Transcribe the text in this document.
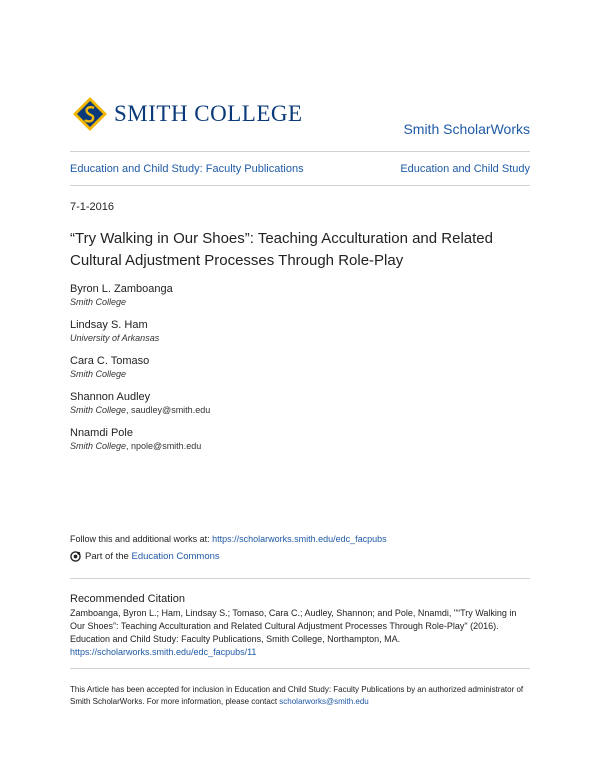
SMITH COLLEGE
Smith ScholarWorks
Education and Child Study: Faculty Publications	Education and Child Study
7-1-2016
“Try Walking in Our Shoes”: Teaching Acculturation and Related Cultural Adjustment Processes Through Role-Play
Byron L. Zamboanga
Smith College
Lindsay S. Ham
University of Arkansas
Cara C. Tomaso
Smith College
Shannon Audley
Smith College, saudley@smith.edu
Nnamdi Pole
Smith College, npole@smith.edu
Follow this and additional works at: https://scholarworks.smith.edu/edc_facpubs
Part of the
Education Commons
Recommended Citation
Zamboanga, Byron L.; Ham, Lindsay S.; Tomaso, Cara C.; Audley, Shannon; and Pole, Nnamdi, "“Try Walking in Our Shoes”: Teaching Acculturation and Related Cultural Adjustment Processes Through Role-Play" (2016). Education and Child Study: Faculty Publications, Smith College, Northampton, MA.
https://scholarworks.smith.edu/edc_facpubs/11
This Article has been accepted for inclusion in Education and Child Study: Faculty Publications by an authorized administrator of Smith ScholarWorks. For more information, please contact scholarworks@smith.edu
